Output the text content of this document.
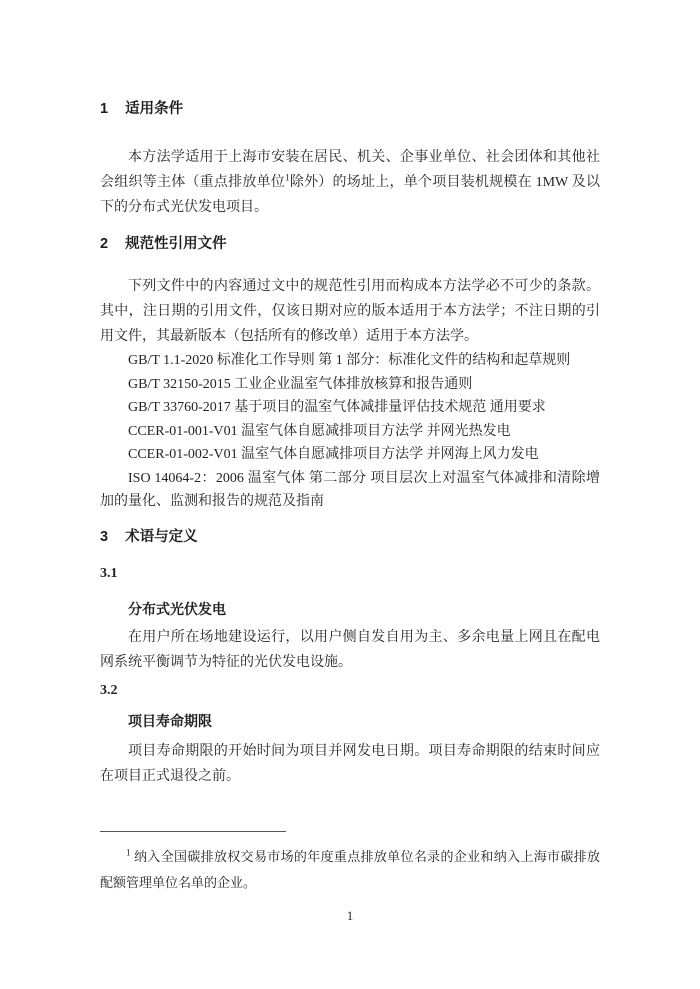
1 适用条件

本方法学适用于上海市安装在居民、机关、企事业单位、社会团体和其他社会组织等主体（重点排放单位$^1$除外）的场址上，单个项目装机规模在 1MW 及以下的分布式光伏发电项目。

2 规范性引用文件

下列文件中的内容通过文中的规范性引用而构成本方法学必不可少的条款。其中，注日期的引用文件，仅该日期对应的版本适用于本方法学；不注日期的引用文件，其最新版本（包括所有的修改单）适用于本方法学。

GB/T 1.1-2020 标准化工作导则 第 1 部分：标准化文件的结构和起草规则

GB/T 32150-2015 工业企业温室气体排放核算和报告通则

GB/T 33760-2017 基于项目的温室气体减排量评估技术规范 通用要求

CCER-01-001-V01 温室气体自愿减排项目方法学 并网光热发电

CCER-01-002-V01 温室气体自愿减排项目方法学 并网海上风力发电

ISO 14064-2：2006 温室气体 第二部分 项目层次上对温室气体减排和清除增加的量化、监测和报告的规范及指南

3 术语与定义

3.1

分布式光伏发电

在用户所在场地建设运行，以用户侧自发自用为主、多余电量上网且在配电网系统平衡调节为特征的光伏发电设施。

3.2

项目寿命期限

项目寿命期限的开始时间为项目并网发电日期。项目寿命期限的结束时间应在项目正式退役之前。

$^1$ 纳入全国碳排放权交易市场的年度重点排放单位名录的企业和纳入上海市碳排放配额管理单位名单的企业。

1
